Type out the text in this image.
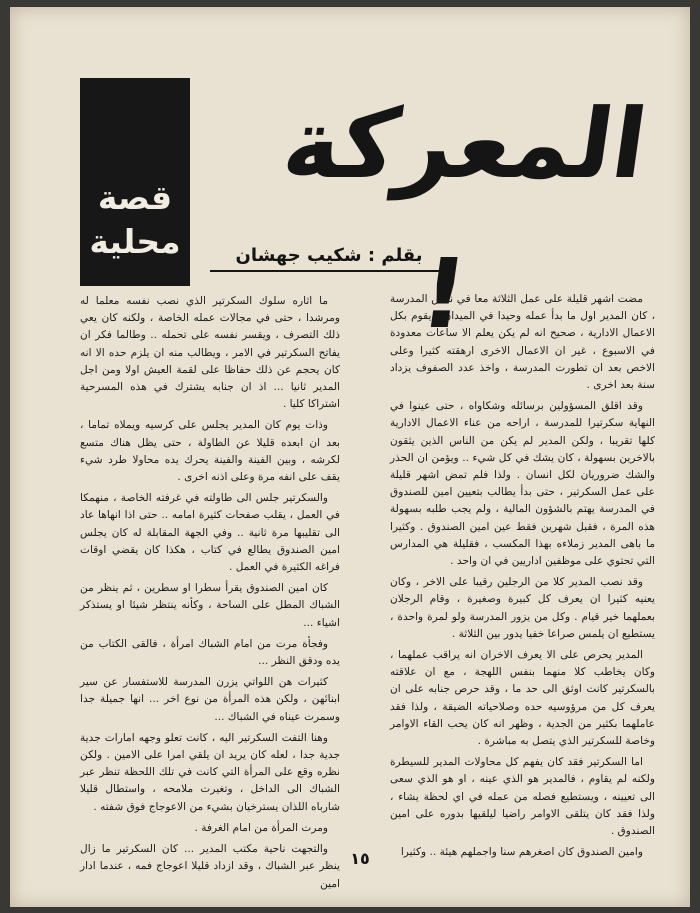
المعركة !
قصة
محلية	بقلم : شكيب جهشان

مضت اشهر قليلة على عمل الثلاثة معا في نفس المدرسة ، كان المدير اول ما بدأ عمله وحيدا في الميدان ، يقوم بكل الاعمال الادارية ، صحيح انه لم يكن يعلم الا ساعات معدودة في الاسبوع ، غير ان الاعمال الاخرى ارهقته كثيرا وعلى الاخص بعد ان تطورت المدرسة ، واخذ عدد الصفوف يزداد سنة بعد اخرى .

وقد اقلق المسؤولين برسائله وشكاواه ، حتى عينوا في النهاية سكرتيرا للمدرسة ، اراحه من عناء الاعمال الادارية كلها تقريبا ، ولكن المدير لم يكن من الناس الذين يثقون بالاخرين بسهولة ، كان يشك في كل شيء .. ويؤمن ان الحذر والشك ضروريان لكل انسان . ولذا فلم تمض اشهر قليلة على عمل السكرتير ، حتى بدأ يطالب بتعيين امين للصندوق في المدرسة يهتم بالشؤون المالية ، ولم يجب طلبه بسهولة هذه المرة ، فقبل شهرين فقط عين امين الصندوق . وكثيرا ما باهى المدير زملاءه بهذا المكسب ، فقليلة هي المدارس التي تحتوي على موظفين اداريين في ان واحد .

وقد نصب المدير كلا من الرجلين رقيبا على الاخر ، وكان يعنيه كثيرا ان يعرف كل كبيرة وصغيرة ، وقام الرجلان بعملهما خير قيام . وكل من يزور المدرسة ولو لمرة واحدة ، يستطيع ان يلمس صراعا خفيا يدور بين الثلاثة .

المدير يحرص على الا يعرف الاخران انه يراقب عملهما ، وكان يخاطب كلا منهما بنفس اللهجة ، مع ان علاقته بالسكرتير كانت اوثق الى حد ما ، وقد حرص جنابه على ان يعرف كل من مرؤوسيه حده وصلاحياته الضيقة ، ولذا فقد عاملهما بكثير من الجدية ، وظهر انه كان يحب القاء الاوامر وخاصة للسكرتير الذي يتصل به مباشرة .

اما السكرتير فقد كان يفهم كل محاولات المدير للسيطرة ولكنه لم يقاوم ، فالمدير هو الذي عينه ، او هو الذي سعى الى تعيينه ، ويستطيع فصله من عمله في اي لحظة يشاء ، ولذا فقد كان يتلقى الاوامر راضيا ليلقيها بدوره على امين الصندوق .

وامين الصندوق كان اصغرهم سنا واجملهم هيئة .. وكثيرا

ما اثاره سلوك السكرتير الذي نصب نفسه معلما له ومرشدا ، حتى في مجالات عمله الخاصة ، ولكنه كان يعي ذلك التصرف ، ويقسر نفسه على تحمله .. وطالما فكر ان يفاتح السكرتير في الامر ، ويطالب منه ان يلزم حده الا انه كان يحجم عن ذلك حفاظا على لقمة العيش اولا ومن اجل المدير ثانيا ... اذ ان جنابه يشترك في هذه المسرحية اشتراكا كليا .

وذات يوم كان المدير يجلس على كرسيه ويملاه تماما ، بعد ان ابعده قليلا عن الطاولة ، حتى يظل هناك متسع لكرشه ، وبين الفينة والفينة يحرك يده محاولا طرد شيء يقف على انفه مرة وعلى اذنه اخرى .

والسكرتير جلس الى طاولته في غرفته الخاصة ، منهمكا في العمل ، يقلب صفحات كثيرة امامه .. حتى اذا انهاها عاد الى تقليبها مرة ثانية .. وفي الجهة المقابلة له كان يجلس امين الصندوق يطالع في كتاب ، هكذا كان يقضي اوقات فراغه الكثيرة في العمل .

كان امين الصندوق يقرأ سطرا او سطرين ، ثم ينظر من الشباك المطل على الساحة ، وكأنه ينتظر شيئا او يستذكر اشياء ...

وفجأة مرت من امام الشباك امرأة ، فالقى الكتاب من يده ودقق النظر ...

كثيرات هن اللواتي يزرن المدرسة للاستفسار عن سير ابنائهن ، ولكن هذه المرأة من نوع اخر ... انها جميلة جدا وسمرت عيناه في الشباك ...

وهنا التفت السكرتير اليه ، كانت تعلو وجهه امارات جدية جدية جدا ، لعله كان يريد ان يلقي امرا على الامين . ولكن نظره وقع على المرأة التي كانت في تلك اللحظة تنظر عبر الشباك الى الداخل ، وتغيرت ملامحه ، واستطال قليلا شارباه اللذان يسترخيان بشيء من الاعوجاج فوق شفته .

ومرت المرأة من امام الغرفة .

والتجهت ناحية مكتب المدير ... كان السكرتير ما زال ينظر عبر الشباك ، وقد ازداد قليلا اعوجاج فمه ، عندما ادار امين

١٥
